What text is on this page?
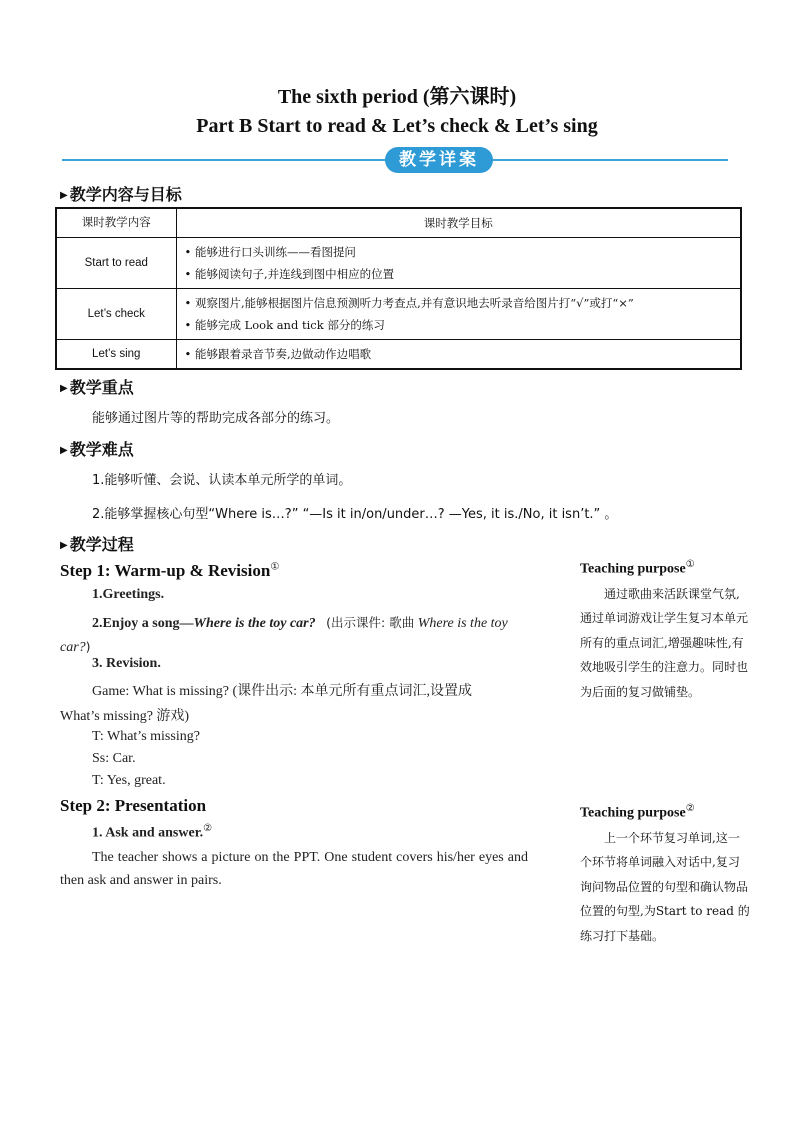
The sixth period (第六课时)
Part B Start to read & Let’s check & Let’s sing
教学详案
▶ 教学内容与目标
课时教学内容	课时教学目标
Start to read	• 能够进行口头训练——看图提问
• 能够阅读句子,并连线到图中相应的位置

Let’s check	• 观察图片,能够根据图片信息预测听力考查点,并有意识地去听录音给图片打“√”或打“×”
• 能够完成 Look and tick 部分的练习

Let’s sing	• 能够跟着录音节奏,边做动作边唱歌
▶ 教学重点
能够通过图片等的帮助完成各部分的练习。
▶ 教学难点
1.能够听懂、会说、认读本单元所学的单词。
2.能够掌握核心句型“Where is…?” “—Is it in/on/under…? —Yes, it is./No, it isn’t.” 。
▶ 教学过程
Step 1: Warm-up & Revision①
1.Greetings.
2.Enjoy a song—Where is the toy car? (出示课件: 歌曲 Where is the toy car?)
3. Revision.
Game: What is missing? (课件出示: 本单元所有重点词汇,设置成
What’s missing? 游戏)
T: What’s missing?
Ss: Car.
T: Yes, great.
Step 2: Presentation
1. Ask and answer.②
The teacher shows a picture on the PPT. One student covers his/her eyes and then ask and answer in pairs.
Teaching purpose①
通过歌曲来活跃课堂气氛,通过单词游戏让学生复习本单元所有的重点词汇,增强趣味性,有效地吸引学生的注意力。同时也为后面的复习做铺垫。
Teaching purpose②
上一个环节复习单词,这一个环节将单词融入对话中,复习询问物品位置的句型和确认物品位置的句型,为Start to read 的练习打下基础。
